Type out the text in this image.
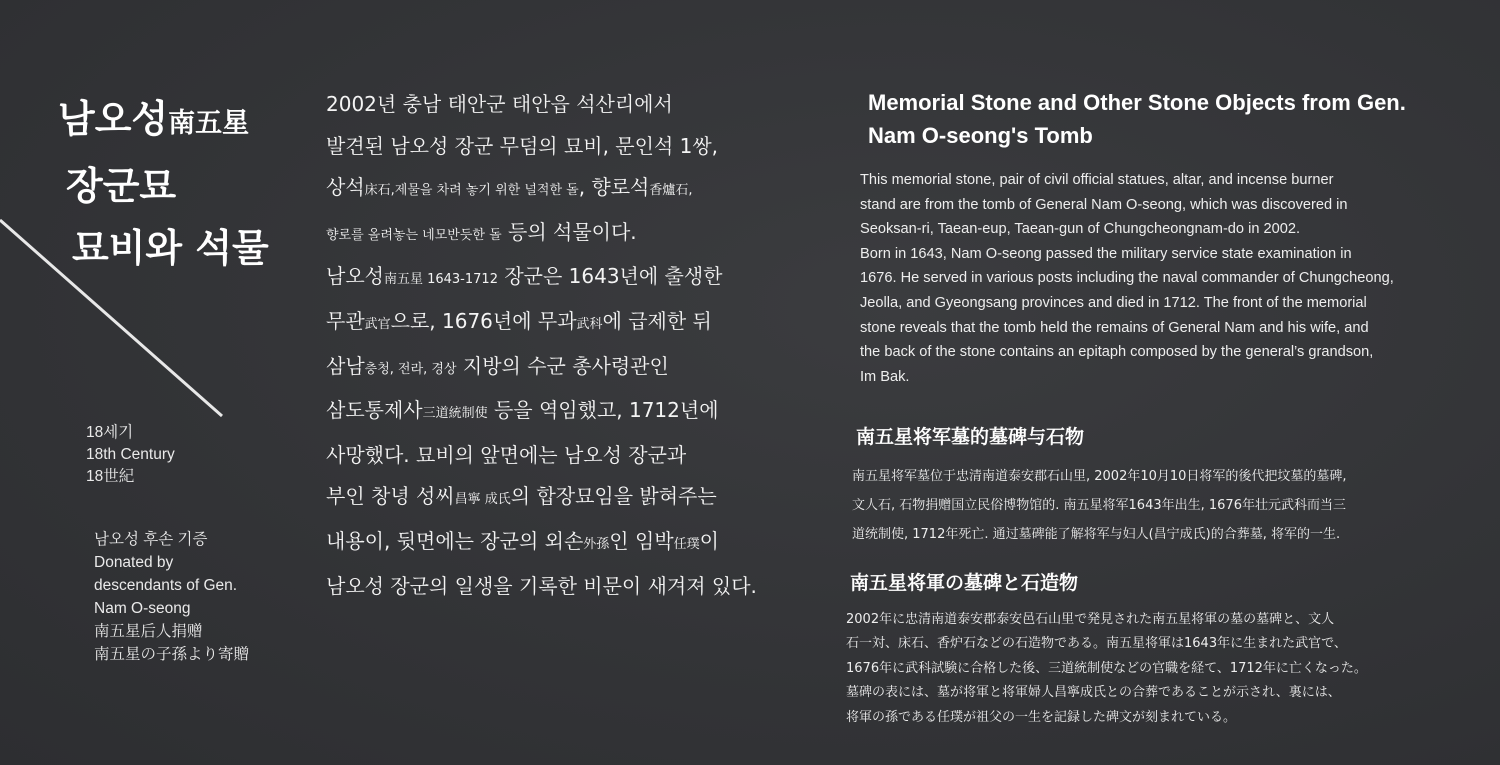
남오성南五星
장군묘
묘비와 석물
18세기
18th Century
18世紀
남오성 후손 기증
Donated by
descendants of Gen.
Nam O-seong
南五星后人捐赠
南五星の子孫より寄贈
2002년 충남 태안군 태안읍 석산리에서
발견된 남오성 장군 무덤의 묘비, 문인석 1쌍,
상석床石,제물을 차려 놓기 위한 널적한 돌, 향로석香爐石,
향로를 올려놓는 네모반듯한 돌 등의 석물이다.
남오성南五星 1643-1712 장군은 1643년에 출생한
무관武官으로, 1676년에 무과武科에 급제한 뒤
삼남충청, 전라, 경상 지방의 수군 총사령관인
삼도통제사三道統制使 등을 역임했고, 1712년에
사망했다. 묘비의 앞면에는 남오성 장군과
부인 창녕 성씨昌寧 成氏의 합장묘임을 밝혀주는
내용이, 뒷면에는 장군의 외손外孫인 임박任璞이
남오성 장군의 일생을 기록한 비문이 새겨져 있다.
Memorial Stone and Other Stone Objects from Gen.
Nam O-seong's Tomb
This memorial stone, pair of civil official statues, altar, and incense burner
stand are from the tomb of General Nam O-seong, which was discovered in
Seoksan-ri, Taean-eup, Taean-gun of Chungcheongnam-do in 2002.
Born in 1643, Nam O-seong passed the military service state examination in
1676. He served in various posts including the naval commander of Chungcheong,
Jeolla, and Gyeongsang provinces and died in 1712. The front of the memorial
stone reveals that the tomb held the remains of General Nam and his wife, and
the back of the stone contains an epitaph composed by the general’s grandson,
Im Bak.
南五星将军墓的墓碑与石物
南五星将军墓位于忠清南道泰安郡石山里, 2002年10月10日将军的後代把坟墓的墓碑,
文人石, 石物捐赠国立民俗博物馆的. 南五星将军1643年出生, 1676年壮元武科而当三
道统制使, 1712年死亡. 通过墓碑能了解将军与妇人(昌宁成氏)的合葬墓, 将军的一生.
南五星将軍の墓碑と石造物
2002年に忠清南道泰安郡泰安邑石山里で発見された南五星将軍の墓の墓碑と、文人
石一対、床石、香炉石などの石造物である。南五星将軍は1643年に生まれた武官で、
1676年に武科試験に合格した後、三道統制使などの官職を経て、1712年に亡くなった。
墓碑の表には、墓が将軍と将軍婦人昌寧成氏との合葬であることが示され、裏には、
将軍の孫である任璞が祖父の一生を記録した碑文が刻まれている。
